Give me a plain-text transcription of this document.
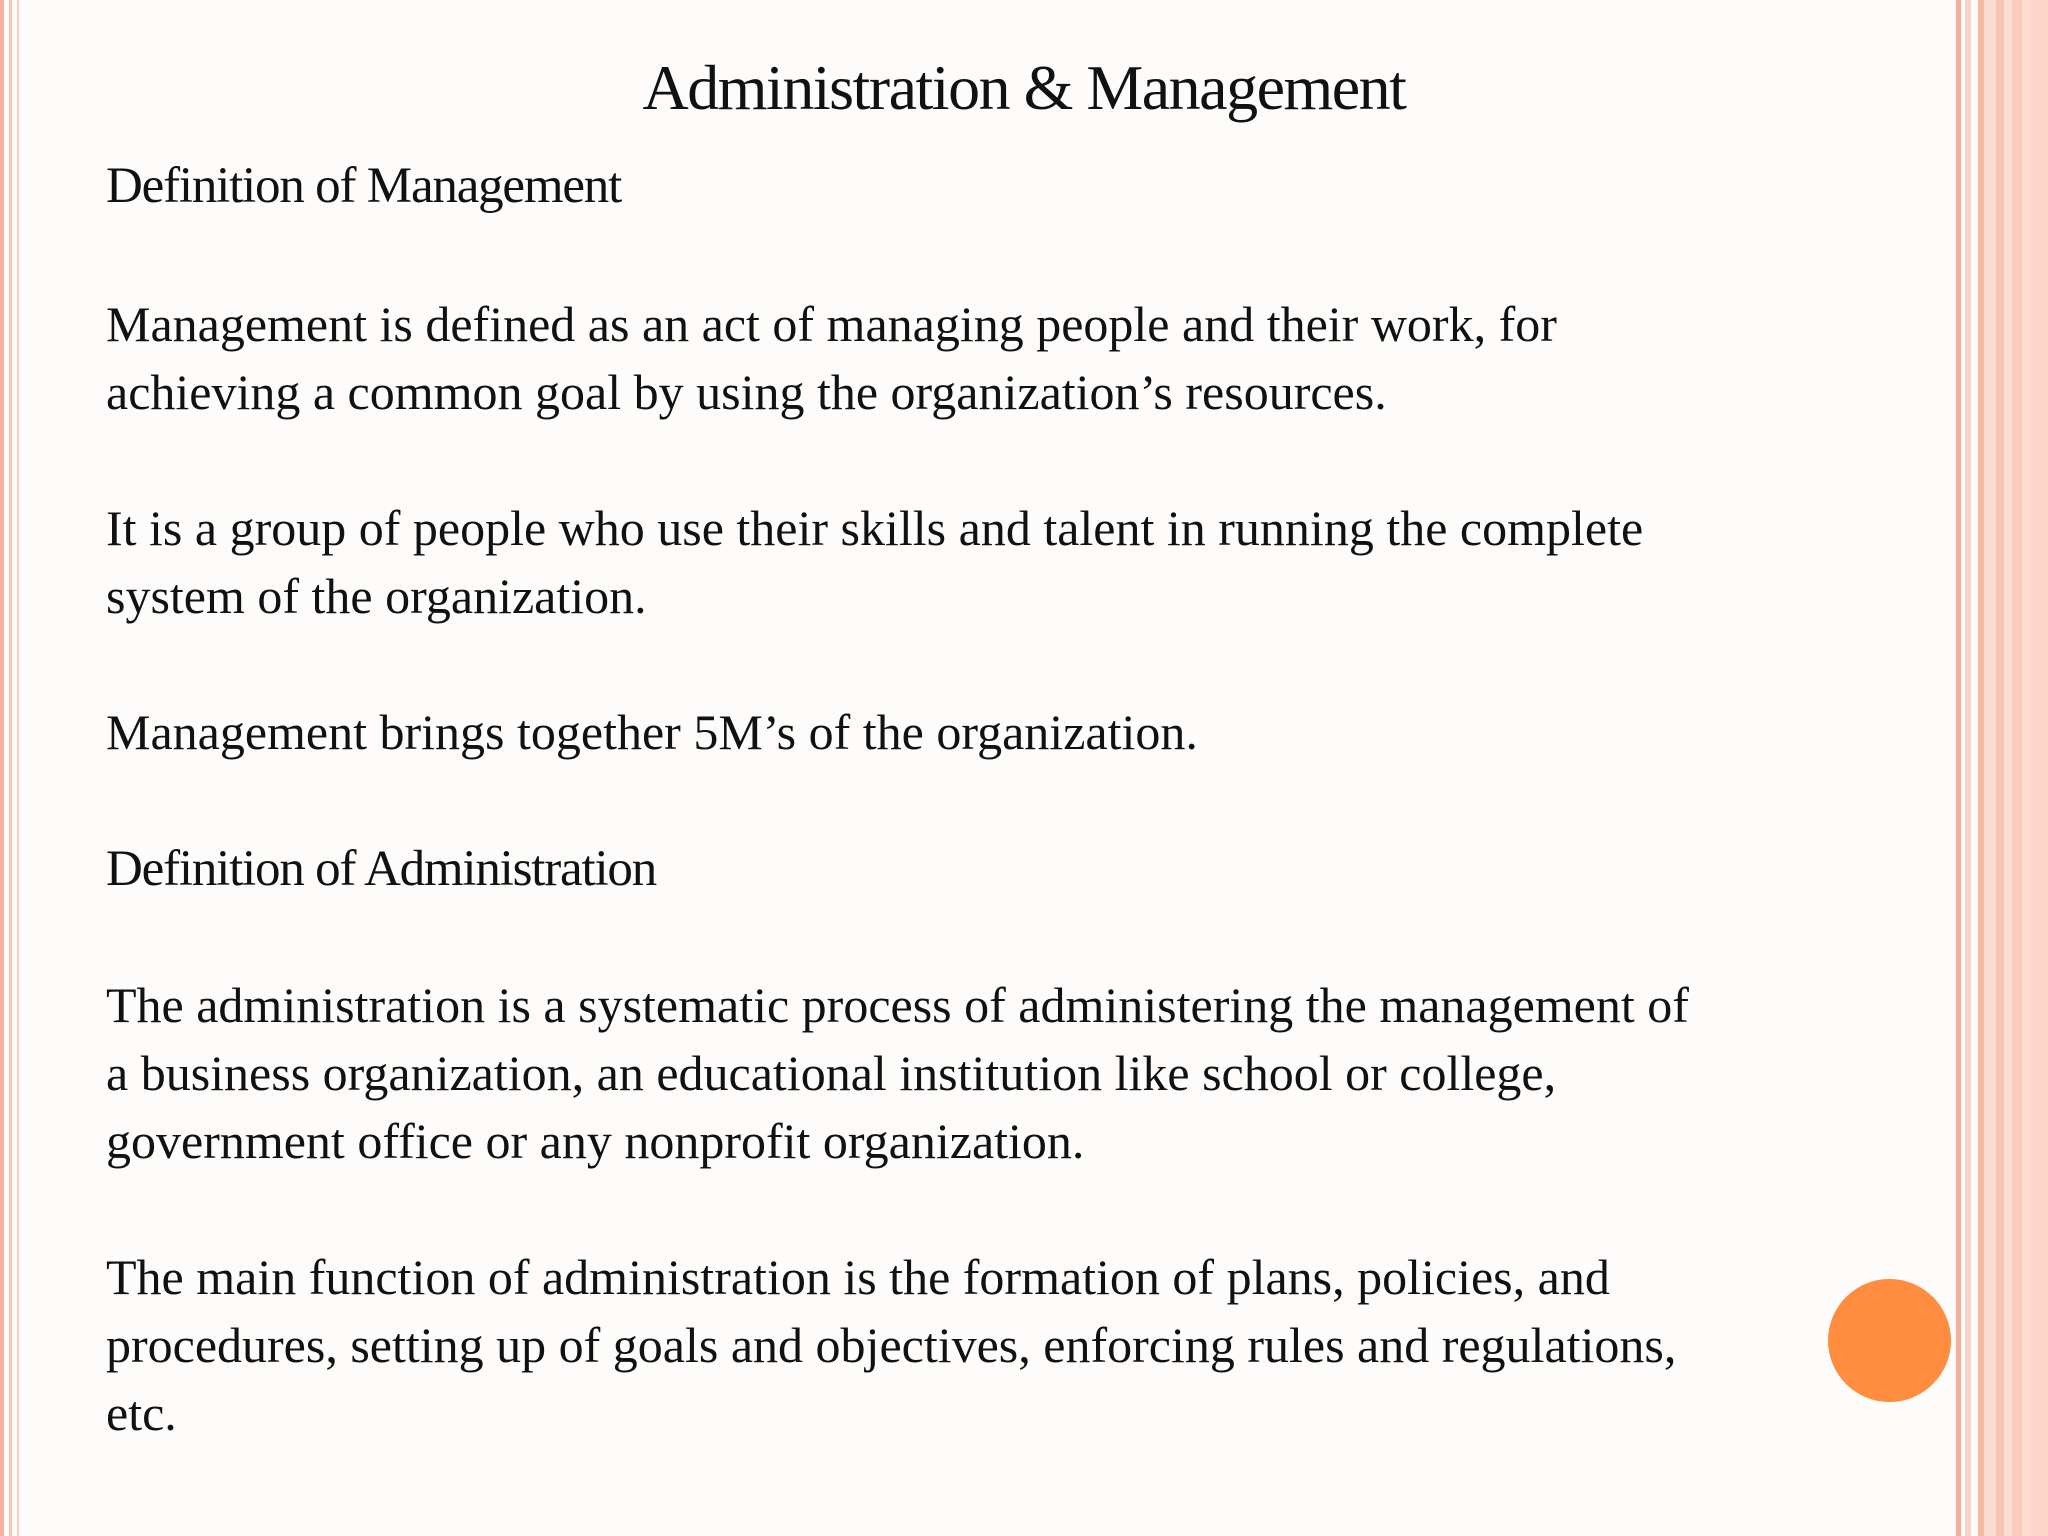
Administration & Management
Definition of Management

Management is defined as an act of managing people and their work, for
achieving a common goal by using the organization’s resources.

It is a group of people who use their skills and talent in running the complete
system of the organization.

Management brings together 5M’s of the organization.

Definition of Administration

The administration is a systematic process of administering the management of
a business organization, an educational institution like school or college,
government office or any nonprofit organization.

The main function of administration is the formation of plans, policies, and
procedures, setting up of goals and objectives, enforcing rules and regulations,
etc.
